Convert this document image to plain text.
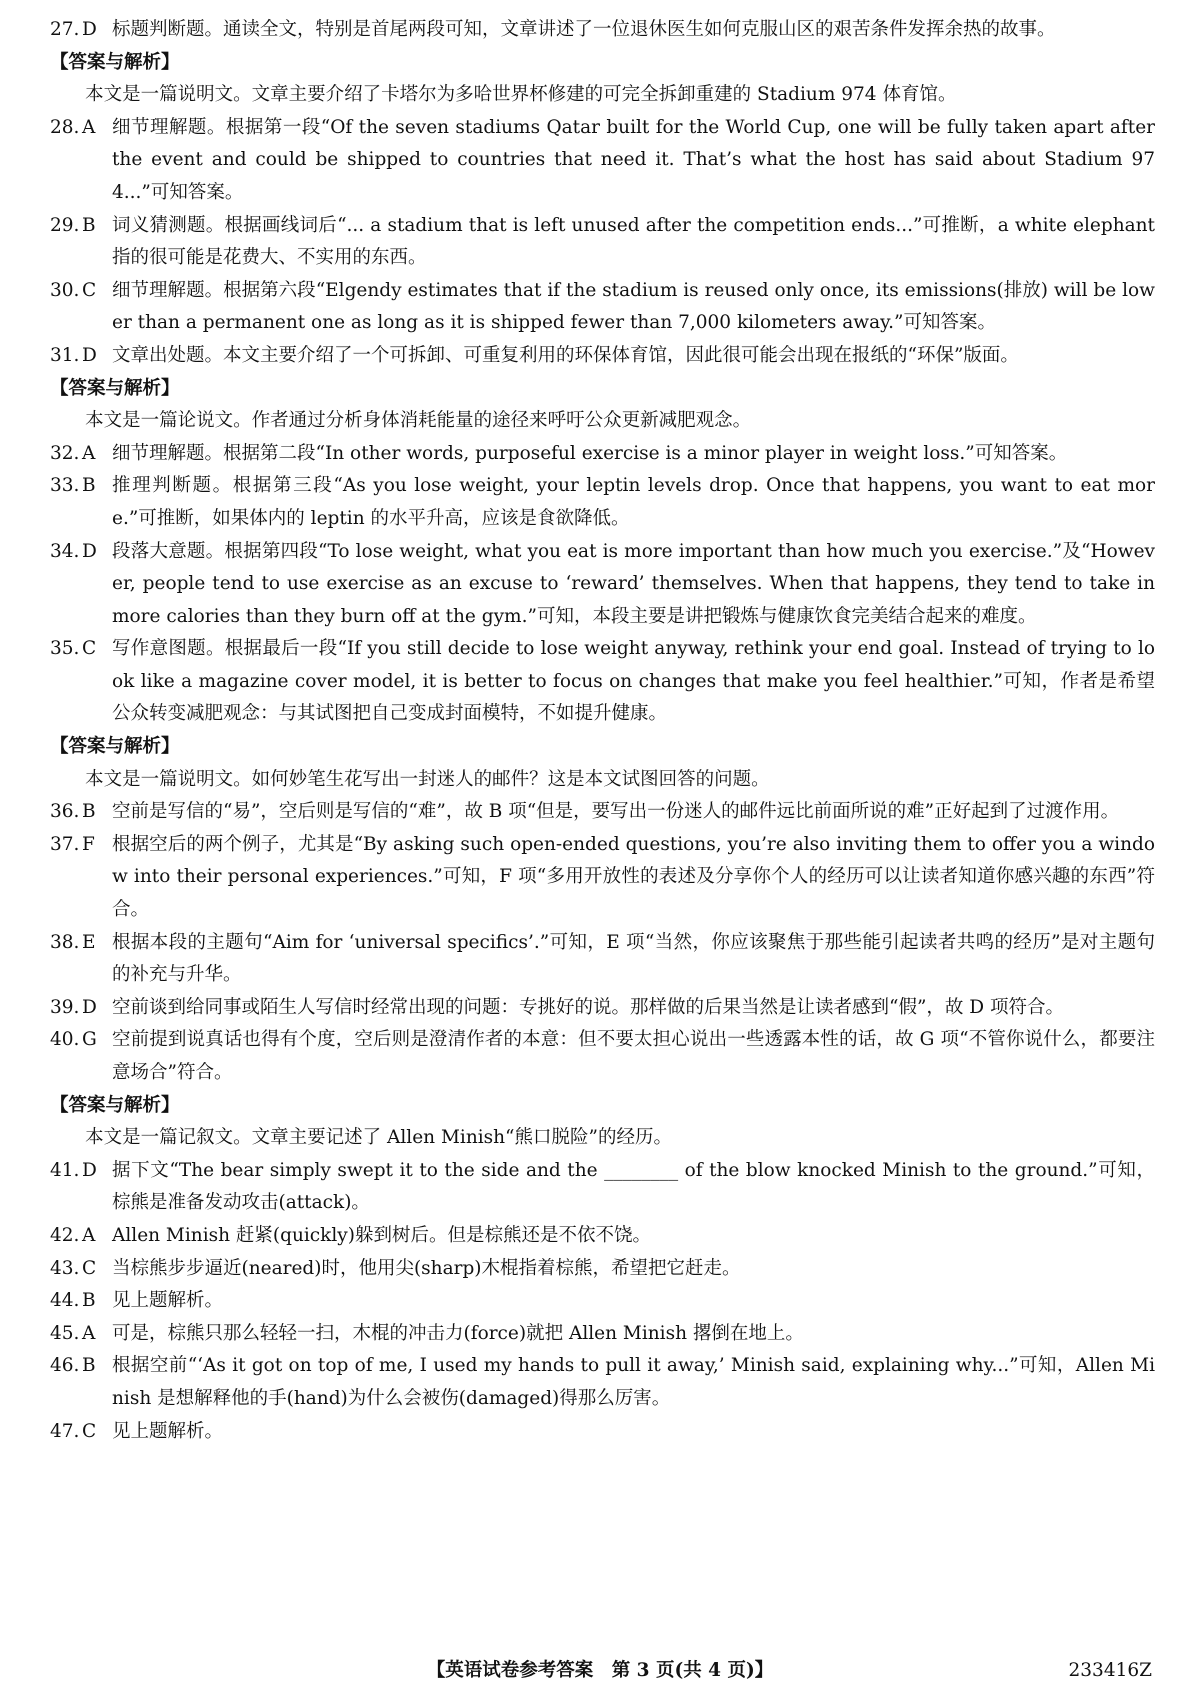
27. D 标题判断题。通读全文，特别是首尾两段可知，文章讲述了一位退休医生如何克服山区的艰苦条件发挥余热的故事。
【答案与解析】
本文是一篇说明文。文章主要介绍了卡塔尔为多哈世界杯修建的可完全拆卸重建的 Stadium 974 体育馆。
28. A 细节理解题。根据第一段“Of the seven stadiums Qatar built for the World Cup, one will be fully taken apart after the event and could be shipped to countries that need it. That’s what the host has said about Stadium 974...”可知答案。
29. B 词义猜测题。根据画线词后“... a stadium that is left unused after the competition ends...”可推断，a white elephant 指的很可能是花费大、不实用的东西。
30. C 细节理解题。根据第六段“Elgendy estimates that if the stadium is reused only once, its emissions(排放) will be lower than a permanent one as long as it is shipped fewer than 7,000 kilometers away.”可知答案。
31. D 文章出处题。本文主要介绍了一个可拆卸、可重复利用的环保体育馆，因此很可能会出现在报纸的“环保”版面。
【答案与解析】
本文是一篇论说文。作者通过分析身体消耗能量的途径来呼吁公众更新减肥观念。
32. A 细节理解题。根据第二段“In other words, purposeful exercise is a minor player in weight loss.”可知答案。
33. B 推理判断题。根据第三段“As you lose weight, your leptin levels drop. Once that happens, you want to eat more.”可推断，如果体内的 leptin 的水平升高，应该是食欲降低。
34. D 段落大意题。根据第四段“To lose weight, what you eat is more important than how much you exercise.”及“However, people tend to use exercise as an excuse to ‘reward’ themselves. When that happens, they tend to take in more calories than they burn off at the gym.”可知，本段主要是讲把锻炼与健康饮食完美结合起来的难度。
35. C 写作意图题。根据最后一段“If you still decide to lose weight anyway, rethink your end goal. Instead of trying to look like a magazine cover model, it is better to focus on changes that make you feel healthier.”可知，作者是希望公众转变减肥观念：与其试图把自己变成封面模特，不如提升健康。
【答案与解析】
本文是一篇说明文。如何妙笔生花写出一封迷人的邮件？这是本文试图回答的问题。
36. B 空前是写信的“易”，空后则是写信的“难”，故 B 项“但是，要写出一份迷人的邮件远比前面所说的难”正好起到了过渡作用。
37. F 根据空后的两个例子，尤其是“By asking such open-ended questions, you’re also inviting them to offer you a window into their personal experiences.”可知，F 项“多用开放性的表述及分享你个人的经历可以让读者知道你感兴趣的东西”符合。
38. E 根据本段的主题句“Aim for ‘universal specifics’.”可知，E 项“当然，你应该聚焦于那些能引起读者共鸣的经历”是对主题句的补充与升华。
39. D 空前谈到给同事或陌生人写信时经常出现的问题：专挑好的说。那样做的后果当然是让读者感到“假”，故 D 项符合。
40. G 空前提到说真话也得有个度，空后则是澄清作者的本意：但不要太担心说出一些透露本性的话，故 G 项“不管你说什么，都要注意场合”符合。
【答案与解析】
本文是一篇记叙文。文章主要记述了 Allen Minish“熊口脱险”的经历。
41. D 据下文“The bear simply swept it to the side and the ________ of the blow knocked Minish to the ground.”可知，棕熊是准备发动攻击(attack)。
42. A Allen Minish 赶紧(quickly)躲到树后。但是棕熊还是不依不饶。
43. C 当棕熊步步逼近(neared)时，他用尖(sharp)木棍指着棕熊，希望把它赶走。
44. B 见上题解析。
45. A 可是，棕熊只那么轻轻一扫，木棍的冲击力(force)就把 Allen Minish 撂倒在地上。
46. B 根据空前“‘As it got on top of me, I used my hands to pull it away,’ Minish said, explaining why...”可知，Allen Minish 是想解释他的手(hand)为什么会被伤(damaged)得那么厉害。
47. C 见上题解析。
【英语试卷参考答案　第 3 页(共 4 页)】	233416Z
